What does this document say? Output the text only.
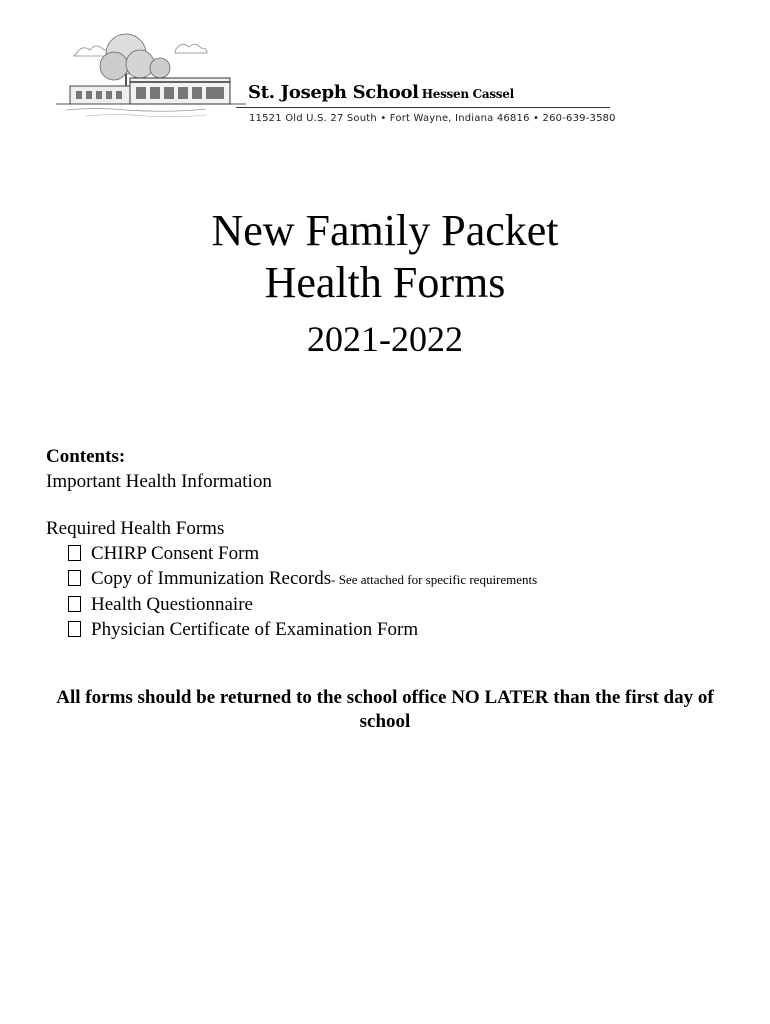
St. Joseph School Hessen Cassel
11521 Old U.S. 27 South • Fort Wayne, Indiana 46816 • 260-639-3580
New Family Packet
Health Forms
2021-2022
Contents:
Important Health Information
Required Health Forms
CHIRP Consent Form
Copy of Immunization Records - See attached for specific requirements
Health Questionnaire
Physician Certificate of Examination Form
All forms should be returned to the school office NO LATER than the first day of school
